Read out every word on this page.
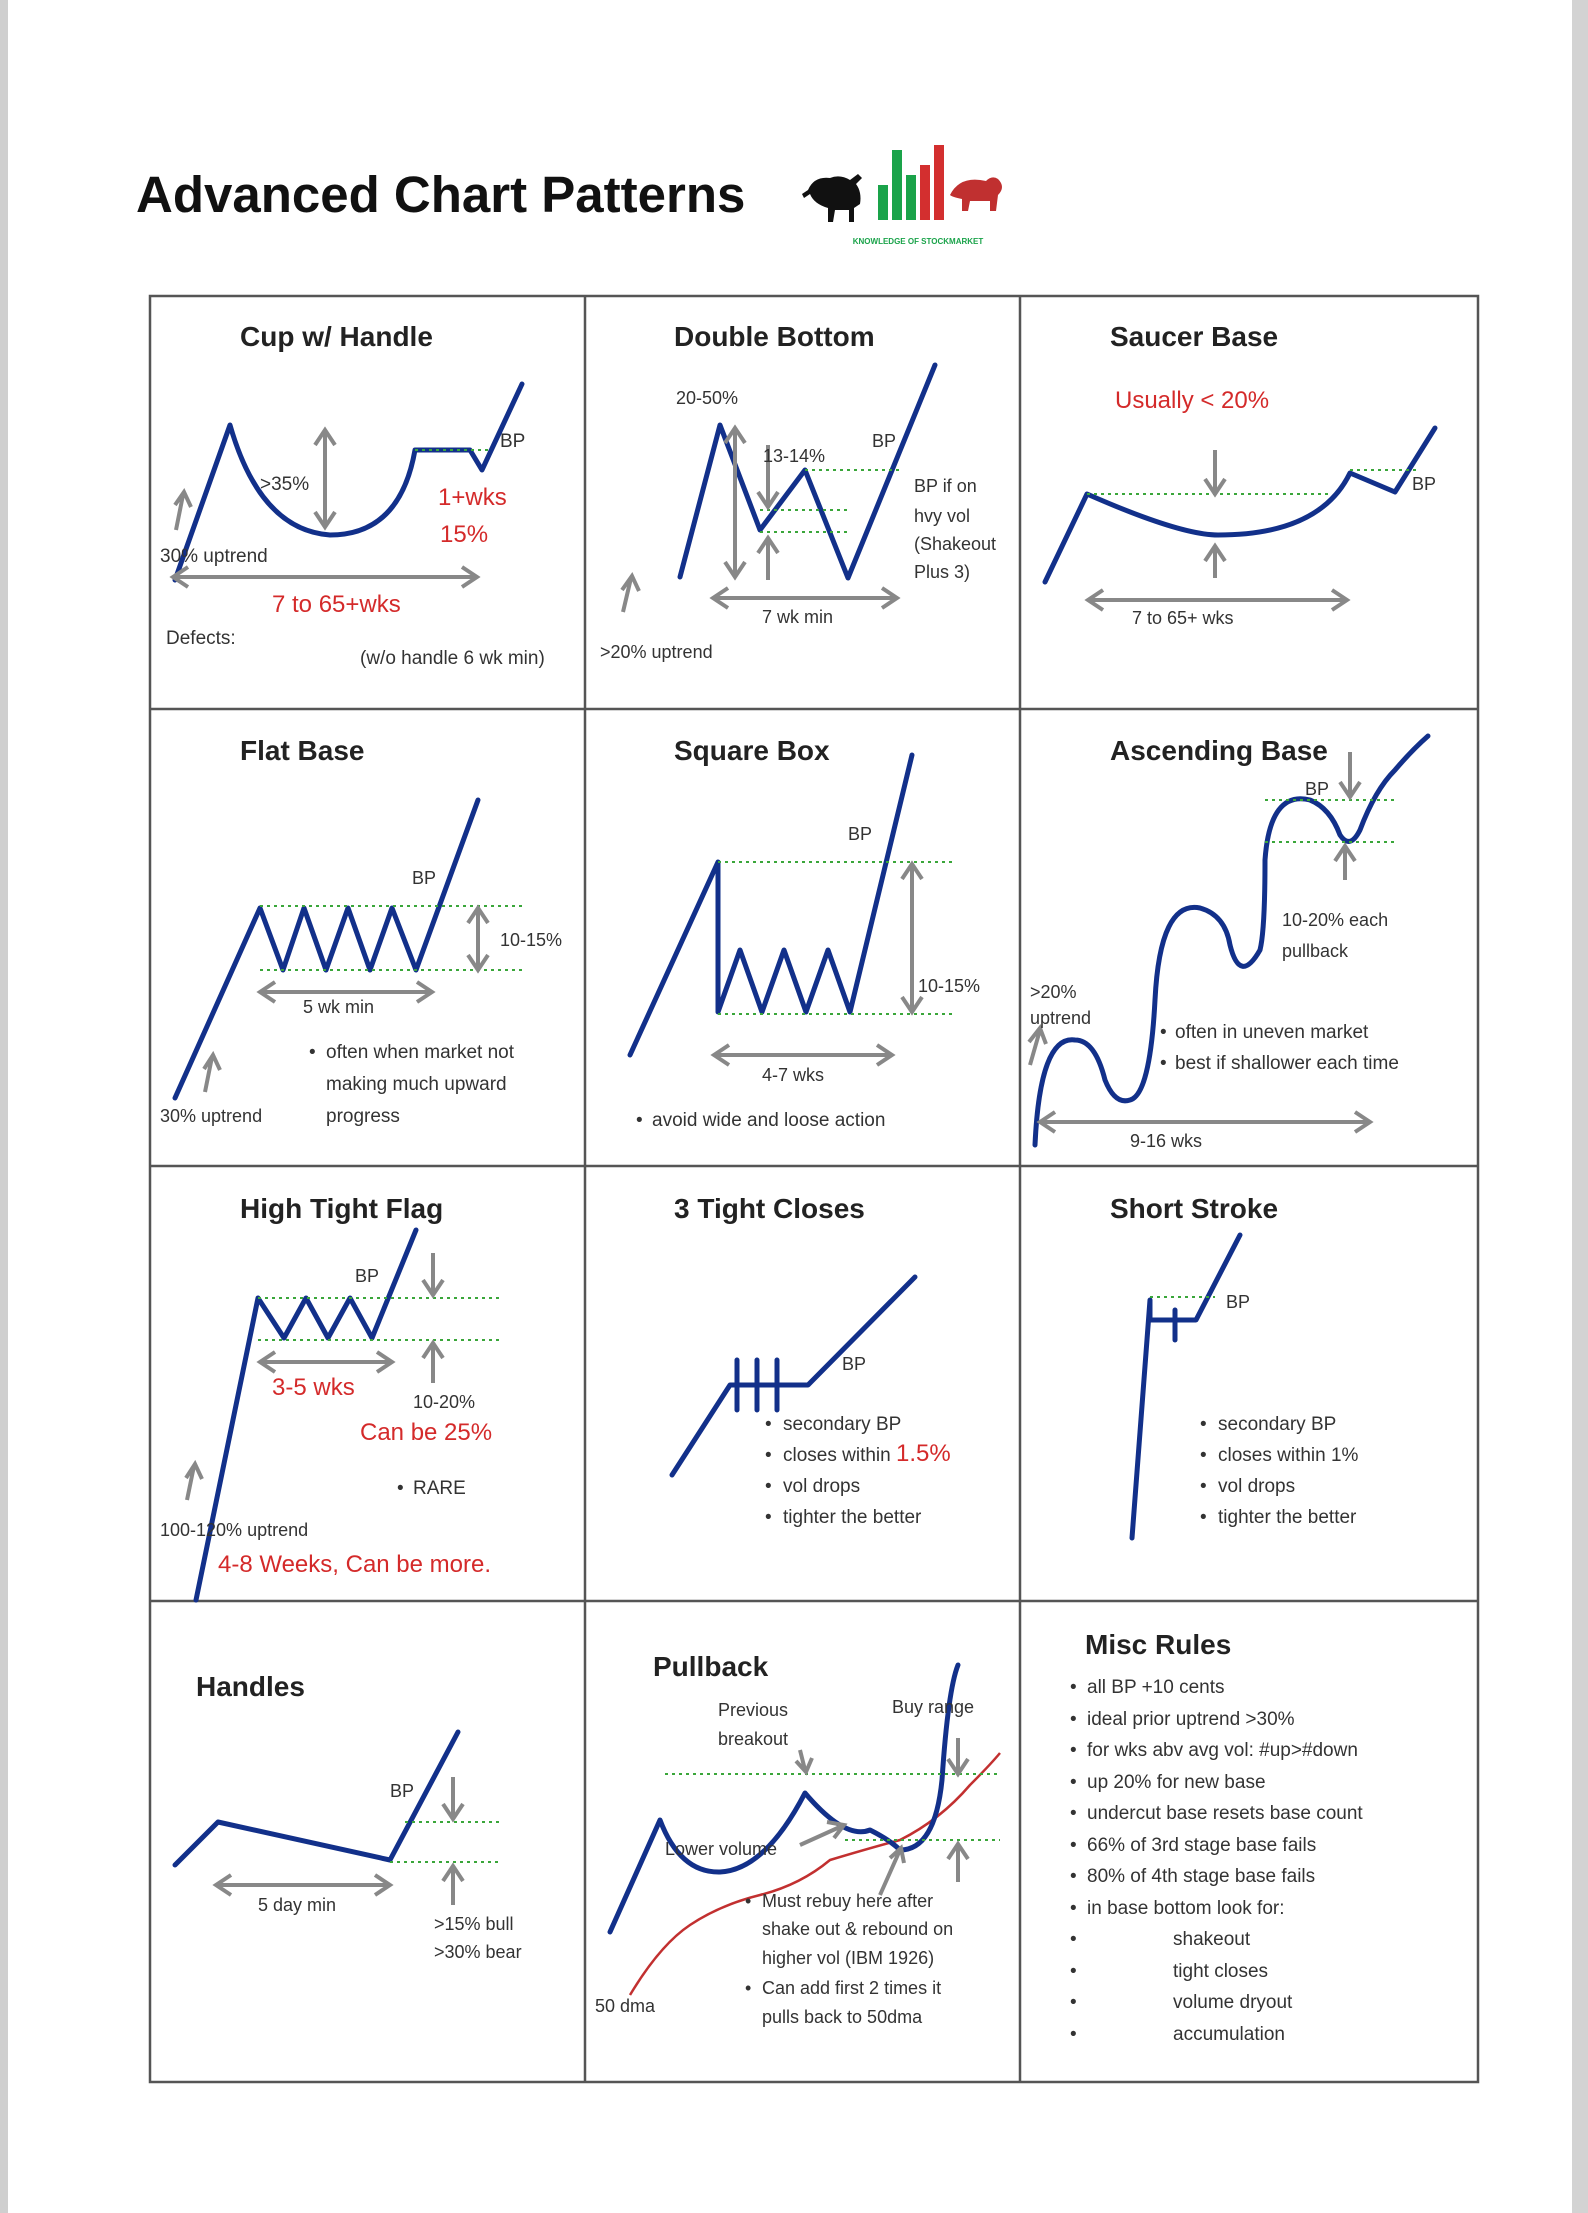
Advanced Chart Patterns
KNOWLEDGE OF STOCKMARKET
Cup w/ Handle
>35%
BP
1+wks
15%
30% uptrend
7 to 65+wks
Defects:
(w/o handle 6 wk min)
Double Bottom
20-50%
13-14%
BP
BP if on
hvy vol
(Shakeout
Plus 3)
7 wk min
>20% uptrend
Saucer Base
Usually < 20%
BP
7 to 65+ wks
Flat Base
BP
10-15%
5 wk min
• often when market not
making much upward
progress
30% uptrend
Square Box
BP
10-15%
4-7 wks
• avoid wide and loose action
Ascending Base
BP
10-20% each
pullback
>20%
uptrend
• often in uneven market
• best if shallower each time
9-16 wks
High Tight Flag
BP
3-5 wks
10-20%
Can be 25%
• RARE
100-120% uptrend
4-8 Weeks, Can be more.
3 Tight Closes
BP
• secondary BP
• closes within 1.5%
• vol drops
• tighter the better
Short Stroke
BP
• secondary BP
• closes within 1%
• vol drops
• tighter the better
Handles
BP
5 day min
>15% bull
>30% bear
Pullback
Previous
breakout
Buy range
Lower volume
50 dma
• Must rebuy here after
shake out & rebound on
higher vol (IBM 1926)
• Can add first 2 times it
pulls back to 50dma
Misc Rules
• all BP +10 cents
• ideal prior uptrend >30%
• for wks abv avg vol: #up>#down
• up 20% for new base
• undercut base resets base count
• 66% of 3rd stage base fails
• 80% of 4th stage base fails
• in base bottom look for:
•	shakeout
•	tight closes
•	volume dryout
•	accumulation
